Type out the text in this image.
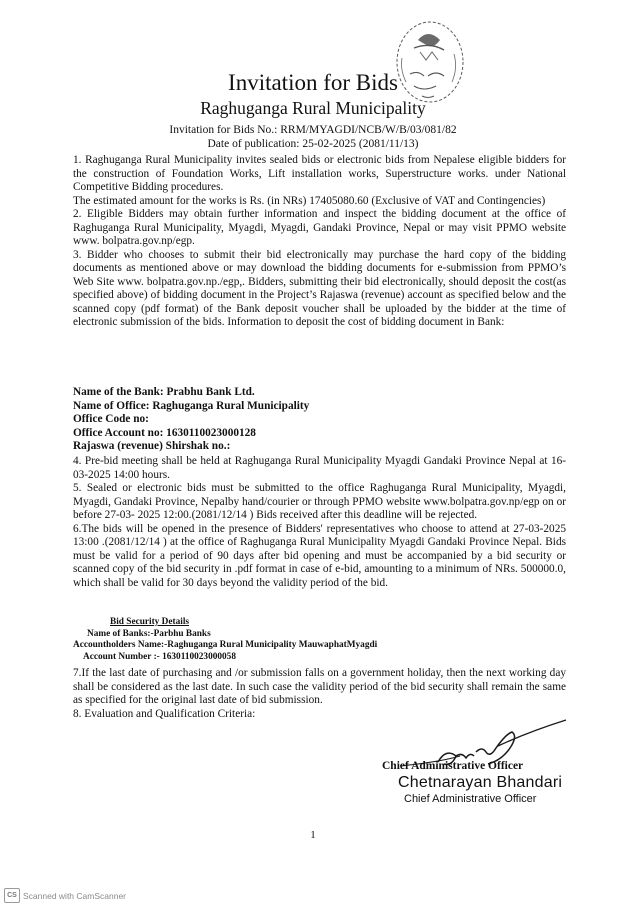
Invitation for Bids
Raghuganga Rural Municipality
Invitation for Bids No.: RRM/MYAGDI/NCB/W/B/03/081/82
Date of publication: 25-02-2025 (2081/11/13)

1. Raghuganga Rural Municipality invites sealed bids or electronic bids from Nepalese eligible bidders for the construction of Foundation Works, Lift installation works, Superstructure works. under National Competitive Bidding procedures.

The estimated amount for the works is Rs. (in NRs) 17405080.60 (Exclusive of VAT and Contingencies)

2. Eligible Bidders may obtain further information and inspect the bidding document at the office of Raghuganga Rural Municipality, Myagdi, Myagdi, Gandaki Province, Nepal or may visit PPMO website www. bolpatra.gov.np/egp.

3. Bidder who chooses to submit their bid electronically may purchase the hard copy of the bidding documents as mentioned above or may download the bidding documents for e-submission from PPMO’s Web Site www. bolpatra.gov.np./egp,. Bidders, submitting their bid electronically, should deposit the cost(as specified above) of bidding document in the Project’s Rajaswa (revenue) account as specified below and the scanned copy (pdf format) of the Bank deposit voucher shall be uploaded by the bidder at the time of electronic submission of the bids. Information to deposit the cost of bidding document in Bank:

Name of the Bank: Prabhu Bank Ltd.

Name of Office: Raghuganga Rural Municipality

Office Code no:

Office Account no: 1630110023000128

Rajaswa (revenue) Shirshak no.:

4. Pre-bid meeting shall be held at Raghuganga Rural Municipality Myagdi Gandaki Province Nepal at 16-03-2025 14:00 hours.

5. Sealed or electronic bids must be submitted to the office Raghuganga Rural Municipality, Myagdi, Myagdi, Gandaki Province, Nepalby hand/courier or through PPMO website www.bolpatra.gov.np/egp on or before 27-03- 2025 12:00.(2081/12/14 ) Bids received after this deadline will be rejected.

6.The bids will be opened in the presence of Bidders' representatives who choose to attend at 27-03-2025 13:00 .(2081/12/14 ) at the office of Raghuganga Rural Municipality Myagdi Gandaki Province Nepal. Bids must be valid for a period of 90 days after bid opening and must be accompanied by a bid security or scanned copy of the bid security in .pdf format in case of e-bid, amounting to a minimum of NRs. 500000.0, which shall be valid for 30 days beyond the validity period of the bid.

Bid Security Details

Name of Banks:-Parbhu Banks

Accountholders Name:-Raghuganga Rural Municipality MauwaphatMyagdi

Account Number :- 1630110023000058

7.If the last date of purchasing and /or submission falls on a government holiday, then the next working day shall be considered as the last date. In such case the validity period of the bid security shall remain the same as specified for the original last date of bid submission.

8. Evaluation and Qualification Criteria:

Chief Administrative Officer
Chetnarayan Bhandari
Chief Administrative Officer
1
CS Scanned with CamScanner
